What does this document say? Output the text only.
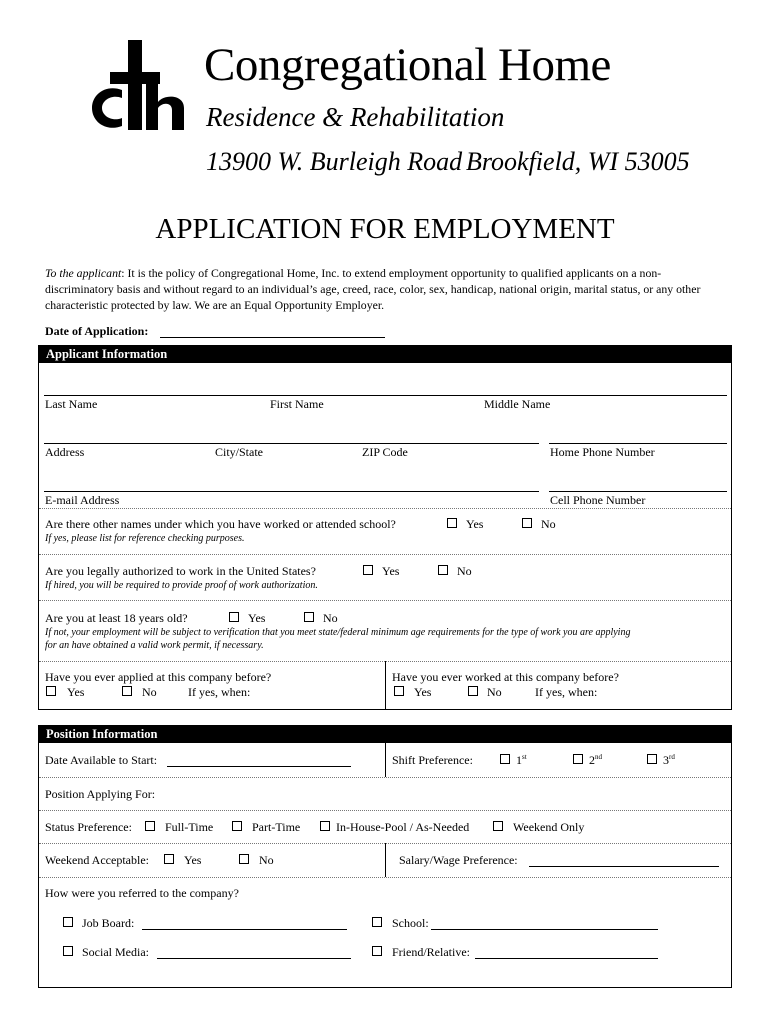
Congregational Home
Residence & Rehabilitation
13900 W. Burleigh Road Brookfield, WI 53005
APPLICATION FOR EMPLOYMENT
To the applicant: It is the policy of Congregational Home, Inc. to extend employment opportunity to qualified applicants on a non-discriminatory basis and without regard to an individual’s age, creed, race, color, sex, handicap, national origin, marital status, or any other characteristic protected by law. We are an Equal Opportunity Employer.
Date of Application:
Applicant Information
Last Name	First Name	Middle Name
Address	City/State	ZIP Code	Home Phone Number
E-mail Address	Cell Phone Number
Are there other names under which you have worked or attended school?	Yes	No
If yes, please list for reference checking purposes.
Are you legally authorized to work in the United States?	Yes	No
If hired, you will be required to provide proof of work authorization.
Are you at least 18 years old?	Yes	No
If not, your employment will be subject to verification that you meet state/federal minimum age requirements for the type of work you are applying
for an have obtained a valid work permit, if necessary.
Have you ever applied at this company before?
Yes	No	If yes, when:
Have you ever worked at this company before?
Yes	No	If yes, when:
Position Information
Date Available to Start:	Shift Preference:	1st	2nd	3rd
Position Applying For:
Status Preference:	Full-Time	Part-Time	In-House-Pool / As-Needed	Weekend Only
Weekend Acceptable:	Yes	No	Salary/Wage Preference:
How were you referred to the company?
Job Board:	School:
Social Media:	Friend/Relative:
